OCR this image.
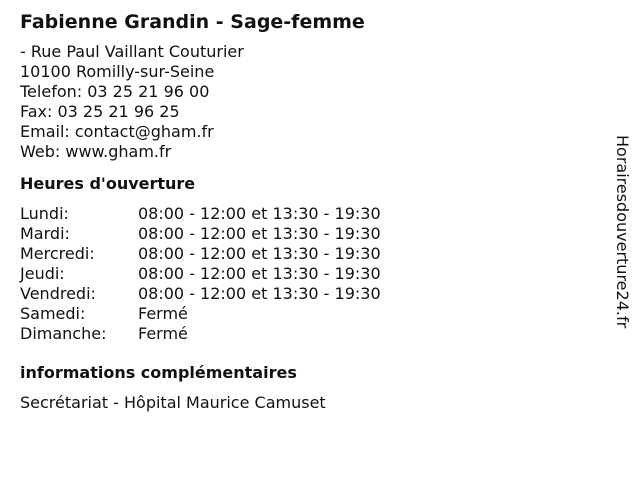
Fabienne Grandin - Sage-femme
- Rue Paul Vaillant Couturier
10100 Romilly-sur-Seine
Telefon: 03 25 21 96 00
Fax: 03 25 21 96 25
Email: contact@gham.fr
Web: www.gham.fr
Heures d'ouverture
Lundi:	08:00 - 12:00 et 13:30 - 19:30
Mardi:	08:00 - 12:00 et 13:30 - 19:30
Mercredi:	08:00 - 12:00 et 13:30 - 19:30
Jeudi:	08:00 - 12:00 et 13:30 - 19:30
Vendredi:	08:00 - 12:00 et 13:30 - 19:30
Samedi:	Fermé
Dimanche:	Fermé
informations complémentaires
Secrétariat - Hôpital Maurice Camuset
Horairesdouverture24.fr
